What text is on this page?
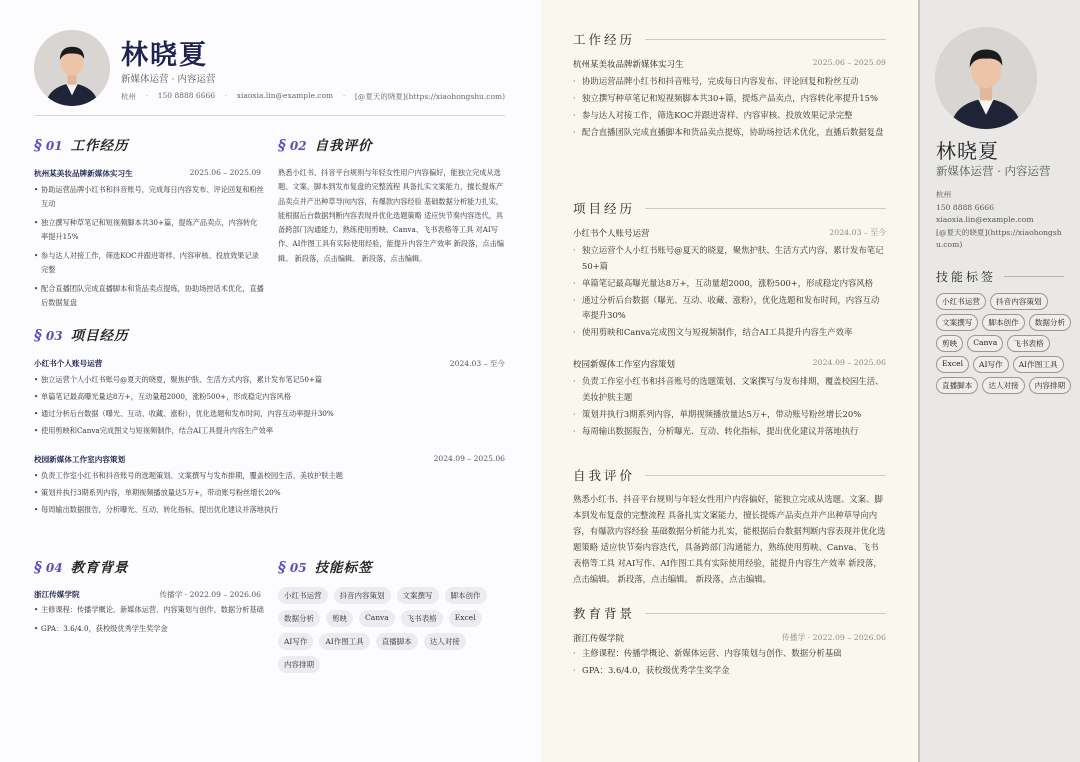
林晓夏
新媒体运营 · 内容运营
杭州 · 150 8888 6666 · xiaoxia.lin@example.com · [@夏天的晓夏](https://xiaohongshu.com)
§ 01 工作经历
杭州某美妆品牌新媒体实习生	2025.06 – 2025.09
• 协助运营品牌小红书和抖音账号，完成每日内容发布、评论回复和粉丝互动
• 独立撰写种草笔记和短视频脚本共30+篇，提炼产品卖点，内容转化率提升15%
• 参与达人对接工作，筛选KOC并跟进寄样、内容审核、投放效果记录完整
• 配合直播团队完成直播脚本和货品卖点提炼，协助场控话术优化，直播后数据复盘
§ 02 自我评价
熟悉小红书、抖音平台规则与年轻女性用户内容偏好，能独立完成从选题、文案、脚本到发布复盘的完整流程 具备扎实文案能力，擅长提炼产品卖点并产出种草导向内容，有爆款内容经验 基础数据分析能力扎实，能根据后台数据判断内容表现并优化选题策略 适应快节奏内容迭代，具备跨部门沟通能力，熟练使用剪映、Canva、飞书表格等工具 对AI写作、AI作图工具有实际使用经验，能提升内容生产效率 新段落，点击编辑。 新段落，点击编辑。 新段落，点击编辑。
§ 03 项目经历
小红书个人账号运营	2024.03 – 至今
• 独立运营个人小红书账号@夏天的晓夏，聚焦护肤、生活方式内容，累计发布笔记50+篇
• 单篇笔记最高曝光量达8万+，互动量超2000，涨粉500+，形成稳定内容风格
• 通过分析后台数据（曝光、互动、收藏、涨粉），优化选题和发布时间，内容互动率提升30%
• 使用剪映和Canva完成图文与短视频制作，结合AI工具提升内容生产效率
校园新媒体工作室内容策划	2024.09 – 2025.06
• 负责工作室小红书和抖音账号的选题策划、文案撰写与发布排期，覆盖校园生活、美妆护肤主题
• 策划并执行3期系列内容，单期视频播放量达5万+，带动账号粉丝增长20%
• 每周输出数据报告，分析曝光、互动、转化指标，提出优化建议并落地执行
§ 04 教育背景
浙江传媒学院	传播学 · 2022.09 – 2026.06
• 主修课程：传播学概论、新媒体运营、内容策划与创作、数据分析基础
• GPA：3.6/4.0，获校级优秀学生奖学金
§ 05 技能标签
小红书运营	抖音内容策划	文案撰写	脚本创作
数据分析	剪映	Canva	飞书表格	Excel
AI写作	AI作图工具	直播脚本	达人对接
内容排期
工作经历
杭州某美妆品牌新媒体实习生	2025.06 – 2025.09
· 协助运营品牌小红书和抖音账号，完成每日内容发布、评论回复和粉丝互动
· 独立撰写种草笔记和短视频脚本共30+篇，提炼产品卖点，内容转化率提升15%
· 参与达人对接工作，筛选KOC并跟进寄样、内容审核、投放效果记录完整
· 配合直播团队完成直播脚本和货品卖点提炼，协助场控话术优化，直播后数据复盘
项目经历
小红书个人账号运营	2024.03 – 至今
· 独立运营个人小红书账号@夏天的晓夏，聚焦护肤、生活方式内容，累计发布笔记50+篇
· 单篇笔记最高曝光量达8万+，互动量超2000，涨粉500+，形成稳定内容风格
· 通过分析后台数据（曝光、互动、收藏、涨粉），优化选题和发布时间，内容互动率提升30%
· 使用剪映和Canva完成图文与短视频制作，结合AI工具提升内容生产效率
校园新媒体工作室内容策划	2024.09 – 2025.06
· 负责工作室小红书和抖音账号的选题策划、文案撰写与发布排期，覆盖校园生活、美妆护肤主题
· 策划并执行3期系列内容，单期视频播放量达5万+，带动账号粉丝增长20%
· 每周输出数据报告，分析曝光、互动、转化指标，提出优化建议并落地执行
自我评价
熟悉小红书、抖音平台规则与年轻女性用户内容偏好，能独立完成从选题、文案、脚本到发布复盘的完整流程 具备扎实文案能力，擅长提炼产品卖点并产出种草导向内容，有爆款内容经验 基础数据分析能力扎实，能根据后台数据判断内容表现并优化选题策略 适应快节奏内容迭代，具备跨部门沟通能力，熟练使用剪映、Canva、飞书表格等工具 对AI写作、AI作图工具有实际使用经验，能提升内容生产效率 新段落，点击编辑。 新段落，点击编辑。 新段落，点击编辑。
教育背景
浙江传媒学院	传播学 · 2022.09 – 2026.06
· 主修课程：传播学概论、新媒体运营、内容策划与创作、数据分析基础
· GPA：3.6/4.0，获校级优秀学生奖学金
林晓夏
新媒体运营 · 内容运营
杭州
150 8888 6666
xiaoxia.lin@example.com
[@夏天的晓夏](https://xiaohongshu.com)
技能标签
小红书运营	抖音内容策划
文案撰写	脚本创作	数据分析
剪映	Canva	飞书表格
Excel	AI写作	AI作图工具
直播脚本	达人对接	内容排期
